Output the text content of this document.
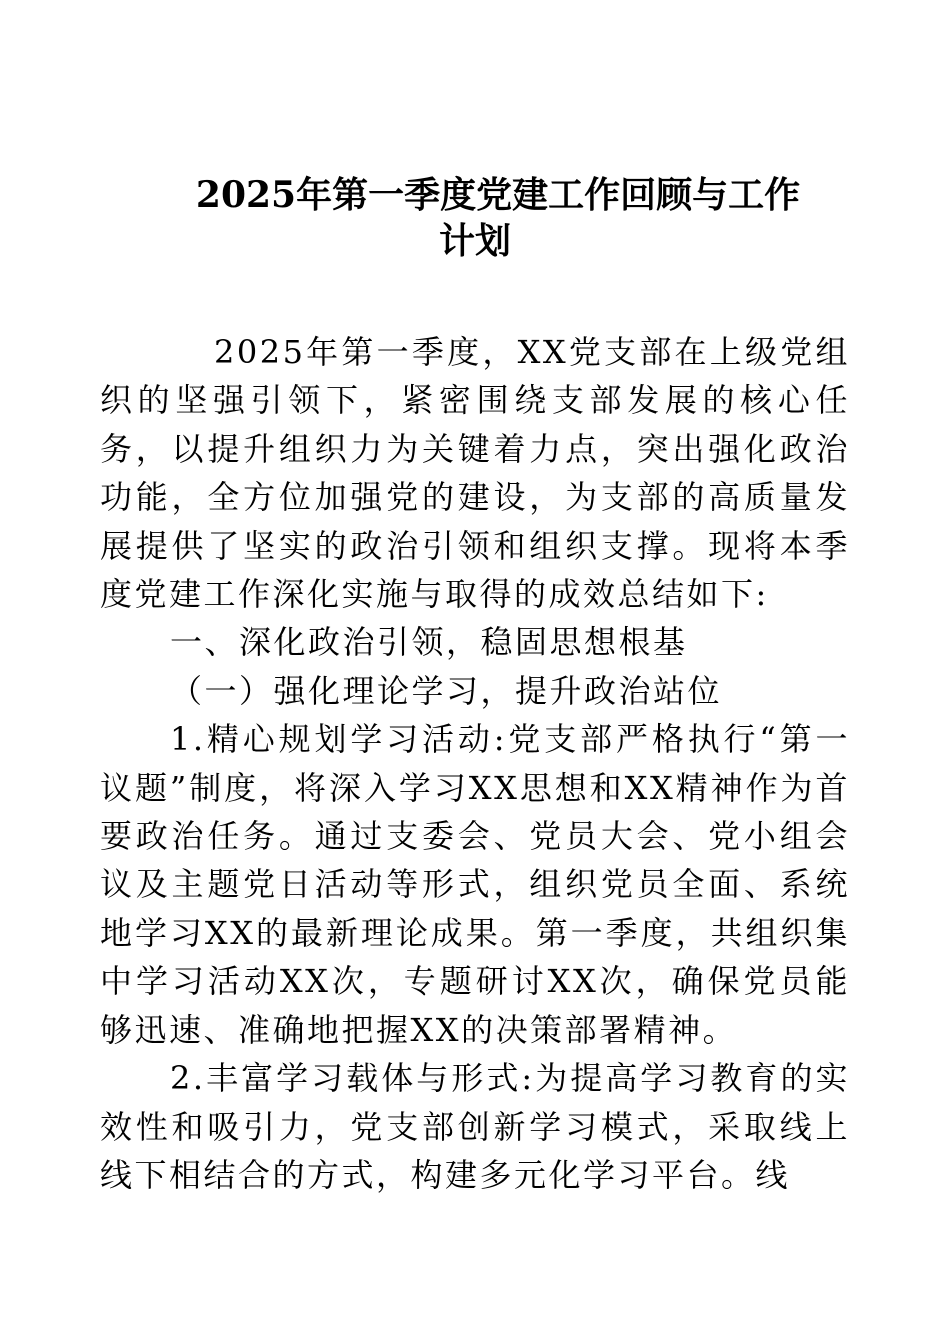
2025年第一季度党建工作回顾与工作
计划

2025年第一季度，XX党支部在上级党组织的坚强引领下，紧密围绕支部发展的核心任务，以提升组织力为关键着力点，突出强化政治功能，全方位加强党的建设，为支部的高质量发展提供了坚实的政治引领和组织支撑。现将本季度党建工作深化实施与取得的成效总结如下:

一、深化政治引领，稳固思想根基

（一）强化理论学习，提升政治站位

1.精心规划学习活动:党支部严格执行“第一议题”制度，将深入学习XX思想和XX精神作为首要政治任务。通过支委会、党员大会、党小组会议及主题党日活动等形式，组织党员全面、系统地学习XX的最新理论成果。第一季度，共组织集中学习活动XX次，专题研讨XX次，确保党员能够迅速、准确地把握XX的决策部署精神。

2.丰富学习载体与形式:为提高学习教育的实效性和吸引力，党支部创新学习模式，采取线上线下相结合的方式，构建多元化学习平台。线
